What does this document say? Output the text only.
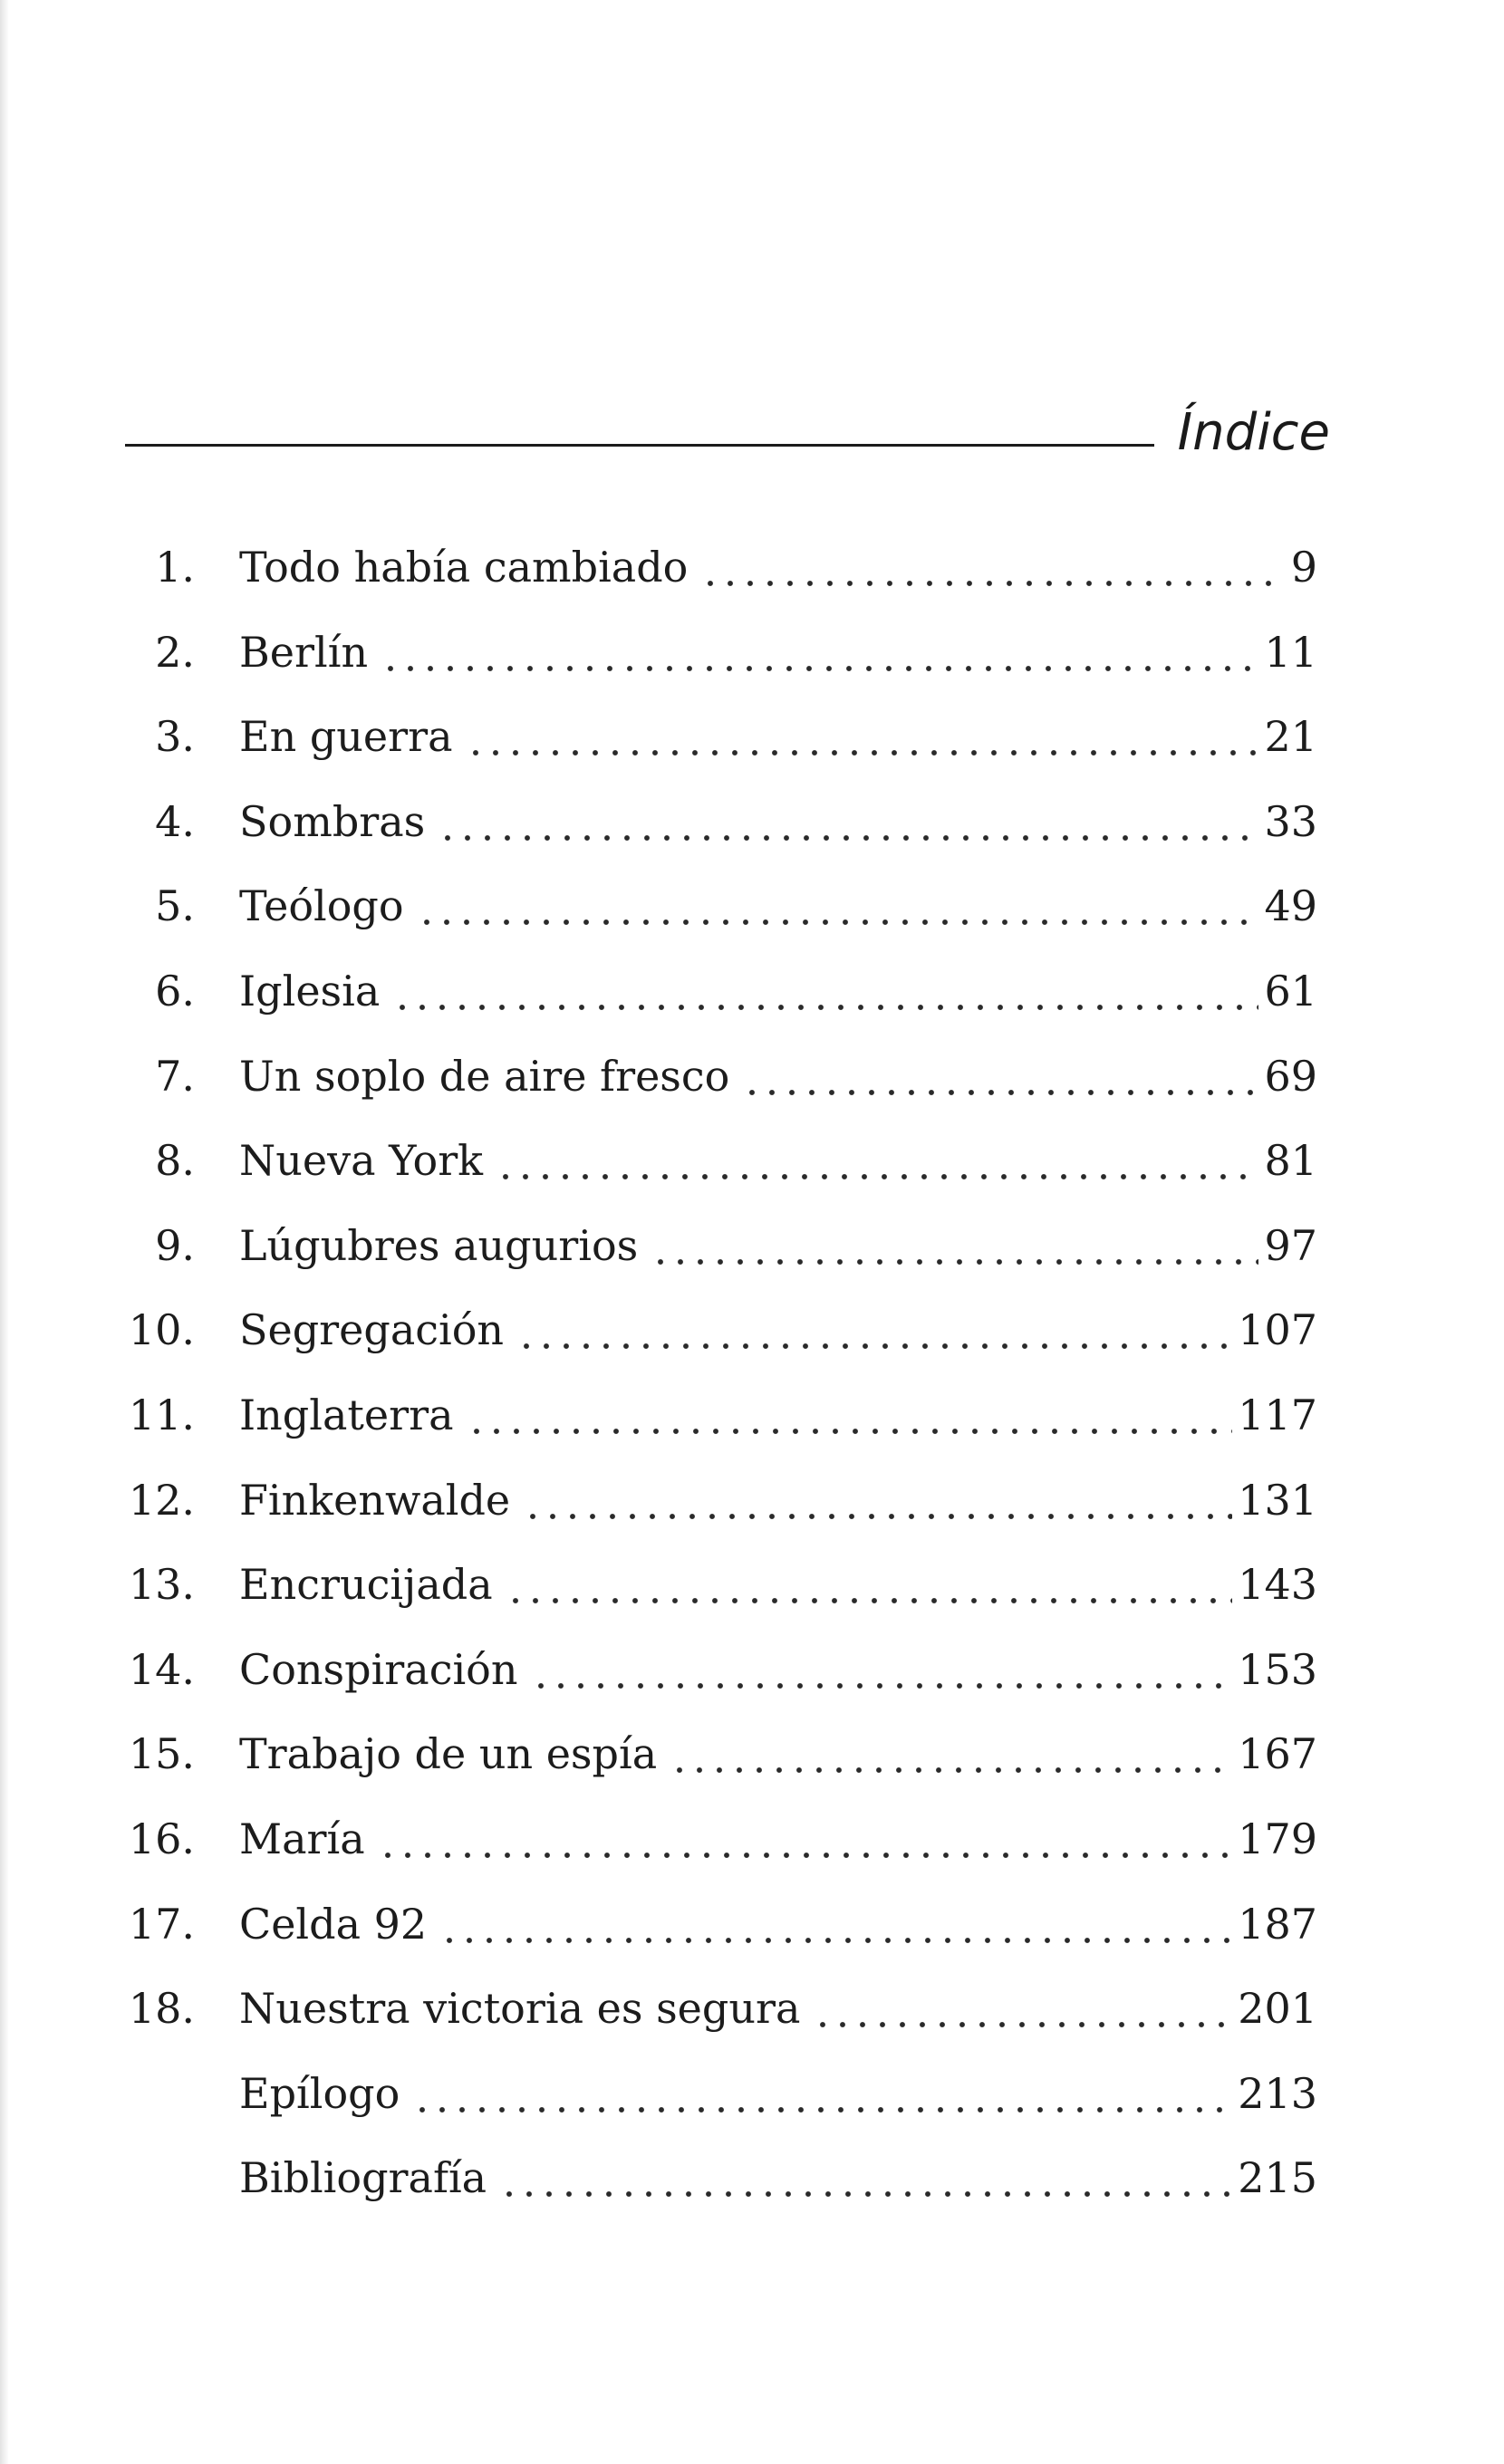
Índice
1. Todo había cambiado	9
2. Berlín	11
3. En guerra	21
4. Sombras	33
5. Teólogo	49
6. Iglesia	61
7. Un soplo de aire fresco	69
8. Nueva York	81
9. Lúgubres augurios	97
10. Segregación	107
11. Inglaterra	117
12. Finkenwalde	131
13. Encrucijada	143
14. Conspiración	153
15. Trabajo de un espía	167
16. María	179
17. Celda 92	187
18. Nuestra victoria es segura	201
Epílogo	213
Bibliografía	215
